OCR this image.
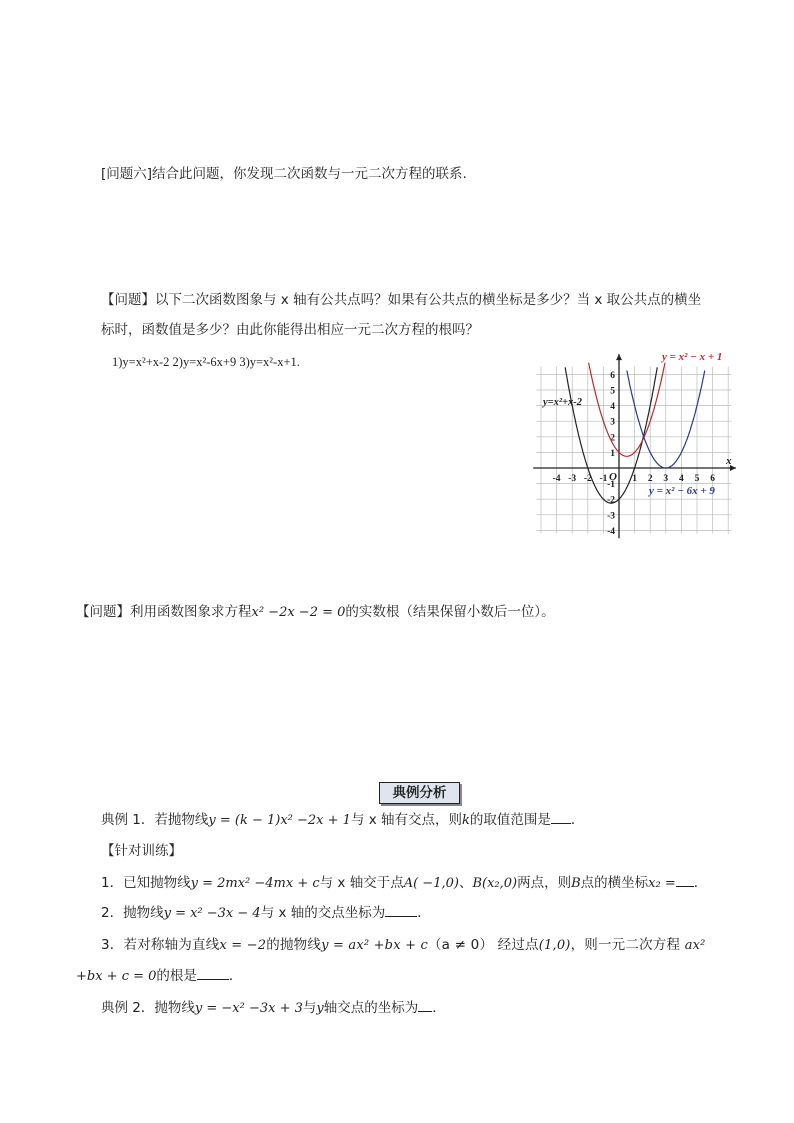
[问题六]结合此问题，你发现二次函数与一元二次方程的联系.
【问题】以下二次函数图象与 x 轴有公共点吗？如果有公共点的横坐标是多少？当 x 取公共点的横坐
标时，函数值是多少？由此你能得出相应一元二次方程的根吗？
1)y=x²+x-2 2)y=x²-6x+9 3)y=x²-x+1.
-4 -3 -2 -1	1 2 3 4 5 6
6
5
4
3
2
1
-1
-2
-3
-4
y = x² − x + 1
y=x²+x-2
y = x² − 6x + 9
x
O
【问题】利用函数图象求方程x² −2x −2 = 0的实数根（结果保留小数后一位）。
典例分析
典例 1．若抛物线y = (k − 1)x² −2x + 1与 x 轴有交点，则k的取值范围是 ．
【针对训练】
1．已知抛物线y = 2mx² −4mx + c与 x 轴交于点A( −1,0)、B(x₂,0)两点，则B点的横坐标x₂ = ．
2．抛物线y = x² −3x − 4与 x 轴的交点坐标为 ．
3．若对称轴为直线x = −2的抛物线y = ax² +bx + c（a ≠ 0） 经过点(1,0)，则一元二次方程 ax²
+bx + c = 0的根是 ．
典例 2．抛物线y = −x² −3x + 3与y轴交点的坐标为 ．
